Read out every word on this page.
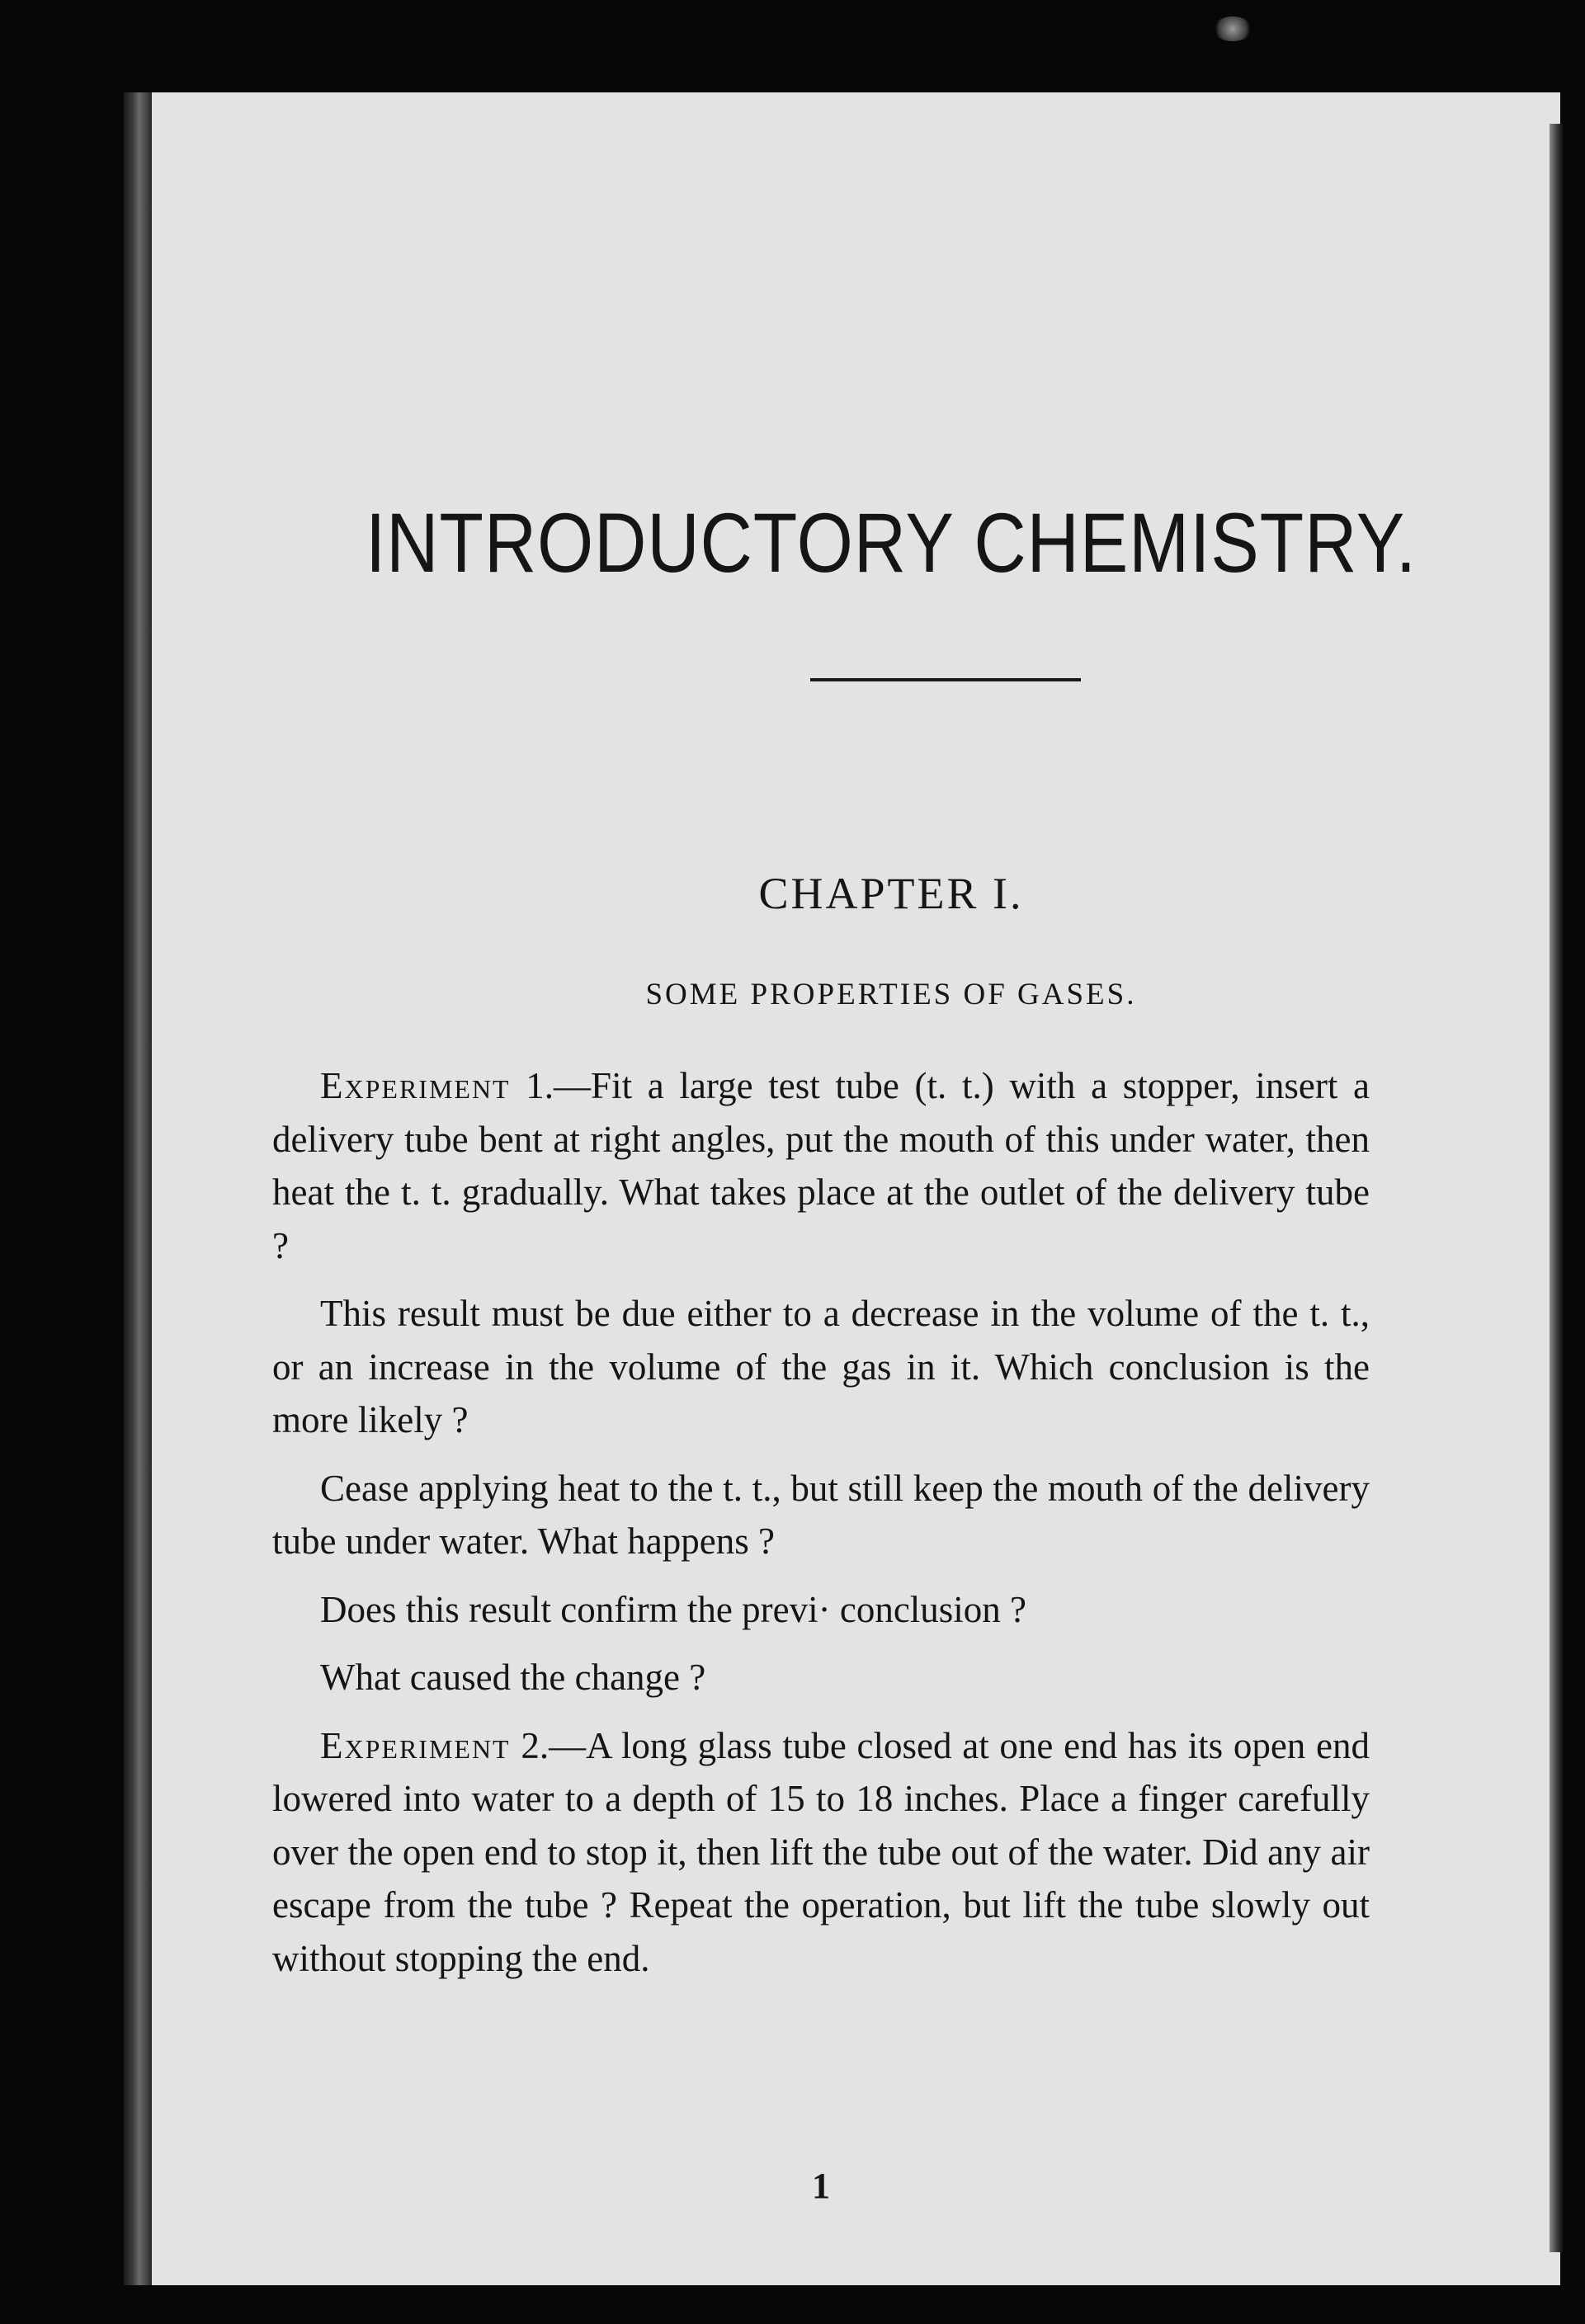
INTRODUCTORY CHEMISTRY.
CHAPTER I.
SOME PROPERTIES OF GASES.

Experiment 1.—Fit a large test tube (t. t.) with a stopper, insert a delivery tube bent at right angles, put the mouth of this under water, then heat the t. t. gradually. What takes place at the outlet of the delivery tube ?

This result must be due either to a decrease in the volume of the t. t., or an increase in the volume of the gas in it. Which conclusion is the more likely ?

Cease applying heat to the t. t., but still keep the mouth of the delivery tube under water. What happens ?

Does this result confirm the previ· conclusion ?

What caused the change ?

Experiment 2.—A long glass tube closed at one end has its open end lowered into water to a depth of 15 to 18 inches. Place a finger carefully over the open end to stop it, then lift the tube out of the water. Did any air escape from the tube ? Repeat the operation, but lift the tube slowly out without stopping the end.

1
